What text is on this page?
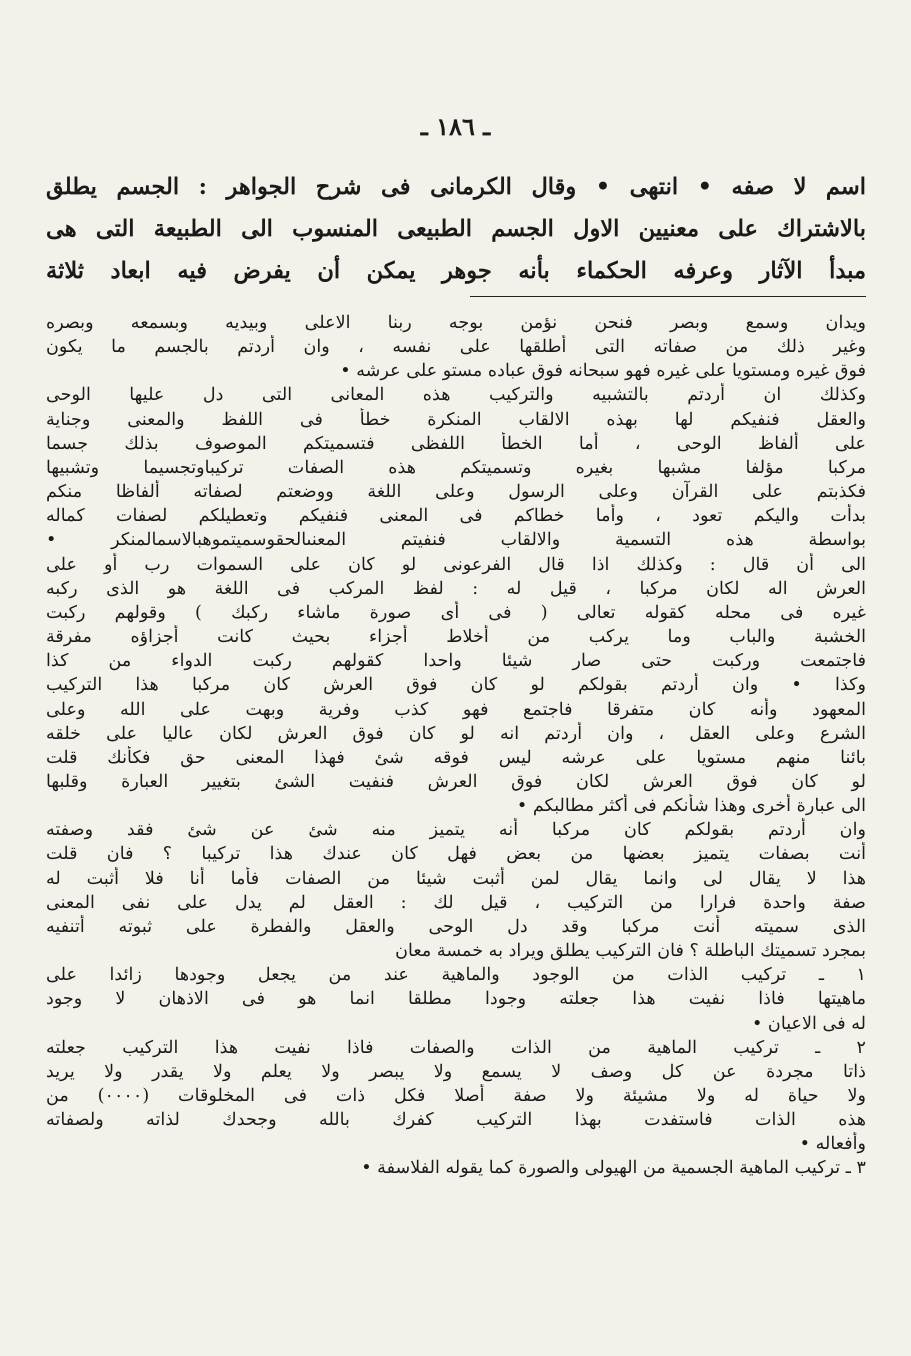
ـ ١٨٦ ـ
اسم لا صفه • انتهى • وقال الكرمانى فى شرح الجواهر : الجسم يطلق
بالاشتراك على معنيين الاول الجسم الطبيعى المنسوب الى الطبيعة التى هى
مبدأ الآثار وعرفه الحكماء بأنه جوهر يمكن أن يفرض فيه ابعاد ثلاثة
ويدان وسمع وبصر فنحن نؤمن بوجه ربنا الاعلى وبيديه وبسمعه وبصره
وغير ذلك من صفاته التى أطلقها على نفسه ، وان أردتم بالجسم ما يكون
فوق غيره ومستويا على غيره فهو سبحانه فوق عباده مستو على عرشه •
وكذلك ان أردتم بالتشبيه والتركيب هذه المعانى التى دل عليها الوحى
والعقل فنفيكم لها بهذه الالقاب المنكرة خطأ فى اللفظ والمعنى وجناية
على ألفاظ الوحى ، أما الخطأ اللفظى فتسميتكم الموصوف بذلك جسما
مركبا مؤلفا مشبها بغيره وتسميتكم هذه الصفات تركيباوتجسيما وتشبيها
فكذبتم على القرآن وعلى الرسول وعلى اللغة ووضعتم لصفاته ألفاظا منكم
بدأت واليكم تعود ، وأما خطاكم فى المعنى فنفيكم وتعطيلكم لصفات كماله
بواسطة هذه التسمية والالقاب فنفيتم المعنىالحقوسميتموهبالاسمالمنكر •
الى أن قال : وكذلك اذا قال الفرعونى لو كان على السموات رب أو على
العرش اله لكان مركبا ، قيل له : لفظ المركب فى اللغة هو الذى ركبه
غيره فى محله كقوله تعالى ( فى أى صورة ماشاء ركبك ) وقولهم ركبت
الخشبة والباب وما يركب من أخلاط أجزاء بحيث كانت أجزاؤه مفرقة
فاجتمعت وركبت حتى صار شيئا واحدا كقولهم ركبت الدواء من كذا
وكذا • وان أردتم بقولكم لو كان فوق العرش كان مركبا هذا التركيب
المعهود وأنه كان متفرقا فاجتمع فهو كذب وفرية وبهت على الله وعلى
الشرع وعلى العقل ، وان أردتم انه لو كان فوق العرش لكان عاليا على خلقه
بائنا منهم مستويا على عرشه ليس فوقه شئ فهذا المعنى حق فكأنك قلت
لو كان فوق العرش لكان فوق العرش فنفيت الشئ بتغيير العبارة وقلبها
الى عبارة أخرى وهذا شأنكم فى أكثر مطالبكم •
وان أردتم بقولكم كان مركبا أنه يتميز منه شئ عن شئ فقد وصفته
أنت بصفات يتميز بعضها من بعض فهل كان عندك هذا تركيبا ؟ فان قلت
هذا لا يقال لى وانما يقال لمن أثبت شيئا من الصفات فأما أنا فلا أثبت له
صفة واحدة فرارا من التركيب ، قيل لك : العقل لم يدل على نفى المعنى
الذى سميته أنت مركبا وقد دل الوحى والعقل والفطرة على ثبوته أتنفيه
بمجرد تسميتك الباطلة ؟ فان التركيب يطلق ويراد به خمسة معان
١ ـ تركيب الذات من الوجود والماهية عند من يجعل وجودها زائدا على
ماهيتها فاذا نفيت هذا جعلته وجودا مطلقا انما هو فى الاذهان لا وجود
له فى الاعيان •
٢ ـ تركيب الماهية من الذات والصفات فاذا نفيت هذا التركيب جعلته
ذاتا مجردة عن كل وصف لا يسمع ولا يبصر ولا يعلم ولا يقدر ولا يريد
ولا حياة له ولا مشيئة ولا صفة أصلا فكل ذات فى المخلوقات (٠٠٠٠) من
هذه الذات فاستفدت بهذا التركيب كفرك بالله وجحدك لذاته ولصفاته
وأفعاله •
٣ ـ تركيب الماهية الجسمية من الهيولى والصورة كما يقوله الفلاسفة •
